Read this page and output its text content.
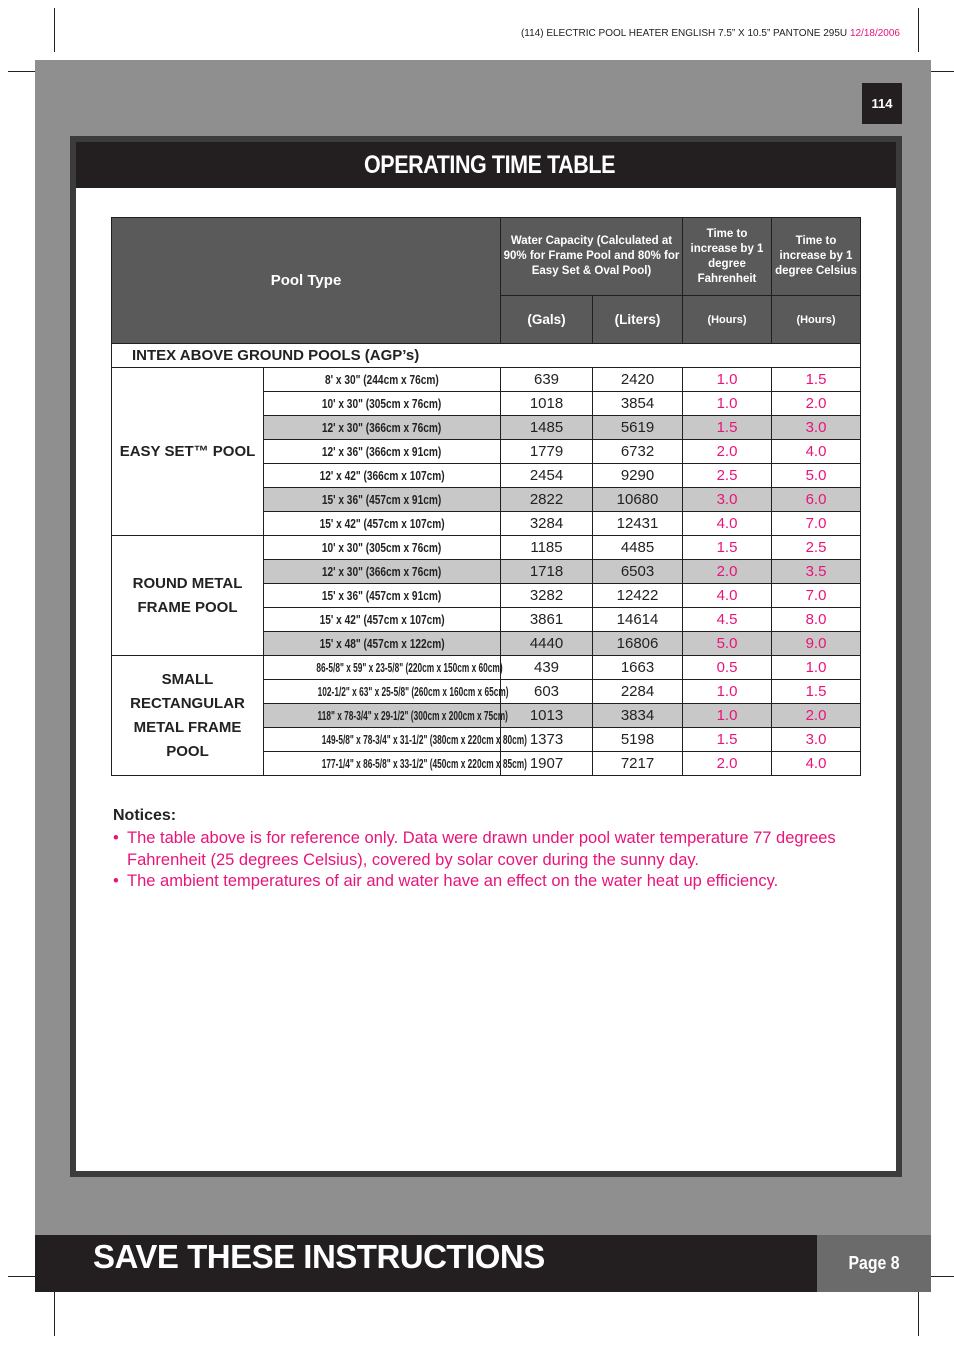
(114) ELECTRIC POOL HEATER ENGLISH 7.5” X 10.5” PANTONE 295U 12/18/2006
114
OPERATING TIME TABLE
Pool Type		Water Capacity (Calculated at 90% for Frame Pool and 80% for Easy Set & Oval Pool)		Time to increase by 1 degree Fahrenheit	Time to increase by 1 degree Celsius
		(Gals)	(Liters)	(Hours)	(Hours)
INTEX ABOVE GROUND POOLS (AGP’s)					
EASY SET™ POOL	8' x 30" (244cm x 76cm)	639	2420	1.0	1.5
	10' x 30" (305cm x 76cm)	1018	3854	1.0	2.0
	12' x 30" (366cm x 76cm)	1485	5619	1.5	3.0
	12' x 36" (366cm x 91cm)	1779	6732	2.0	4.0
	12' x 42" (366cm x 107cm)	2454	9290	2.5	5.0
	15' x 36" (457cm x 91cm)	2822	10680	3.0	6.0
	15' x 42" (457cm x 107cm)	3284	12431	4.0	7.0
ROUND METAL FRAME POOL	10' x 30" (305cm x 76cm)	1185	4485	1.5	2.5
	12' x 30" (366cm x 76cm)	1718	6503	2.0	3.5
	15' x 36" (457cm x 91cm)	3282	12422	4.0	7.0
	15' x 42" (457cm x 107cm)	3861	14614	4.5	8.0
	15' x 48" (457cm x 122cm)	4440	16806	5.0	9.0
SMALL RECTANGULAR METAL FRAME POOL	86-5/8" x 59" x 23-5/8" (220cm x 150cm x 60cm)	439	1663	0.5	1.0
	102-1/2" x 63" x 25-5/8" (260cm x 160cm x 65cm)	603	2284	1.0	1.5
	118" x 78-3/4" x 29-1/2" (300cm x 200cm x 75cm)	1013	3834	1.0	2.0
	149-5/8" x 78-3/4" x 31-1/2" (380cm x 220cm x 80cm)	1373	5198	1.5	3.0
	177-1/4" x 86-5/8" x 33-1/2" (450cm x 220cm x 85cm)	1907	7217	2.0	4.0
Notices:
• The table above is for reference only. Data were drawn under pool water temperature 77 degrees Fahrenheit (25 degrees Celsius), covered by solar cover during the sunny day.
• The ambient temperatures of air and water have an effect on the water heat up efficiency.
SAVE THESE INSTRUCTIONS	Page 8
